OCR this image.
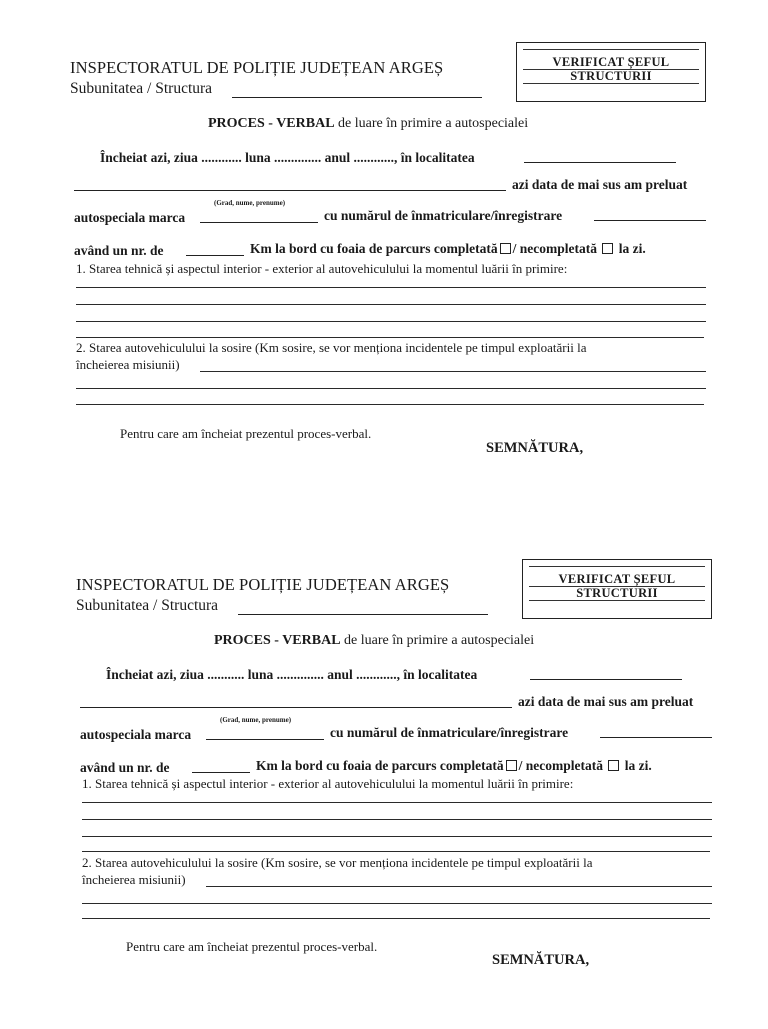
INSPECTORATUL DE POLIȚIE JUDEȚEAN ARGEȘ
Subunitatea / Structura
VERIFICAT ȘEFUL
STRUCTURII
PROCES - VERBAL de luare în primire a autospecialei
Încheiat azi, ziua ............ luna .............. anul ............, în localitatea
azi data de mai sus am preluat
(Grad, nume, prenume)
autospeciala marca	cu numărul de înmatriculare/înregistrare
având un nr. de	Km la bord cu foaia de parcurs completată / necompletată la zi.
1. Starea tehnică și aspectul interior - exterior al autovehiculului la momentul luării în primire:
2. Starea autovehiculului la sosire (Km sosire, se vor menționa incidentele pe timpul exploatării la
încheierea misiunii)
Pentru care am încheiat prezentul proces-verbal.
SEMNĂTURA,
INSPECTORATUL DE POLIȚIE JUDEȚEAN ARGEȘ
Subunitatea / Structura
VERIFICAT ȘEFUL
STRUCTURII
PROCES - VERBAL de luare în primire a autospecialei
Încheiat azi, ziua ........... luna .............. anul ............, în localitatea
azi data de mai sus am preluat
(Grad, nume, prenume)
autospeciala marca	cu numărul de înmatriculare/înregistrare
având un nr. de	Km la bord cu foaia de parcurs completată / necompletată la zi.
1. Starea tehnică și aspectul interior - exterior al autovehiculului la momentul luării în primire:
2. Starea autovehiculului la sosire (Km sosire, se vor menționa incidentele pe timpul exploatării la
încheierea misiunii)
Pentru care am încheiat prezentul proces-verbal.
SEMNĂTURA,
